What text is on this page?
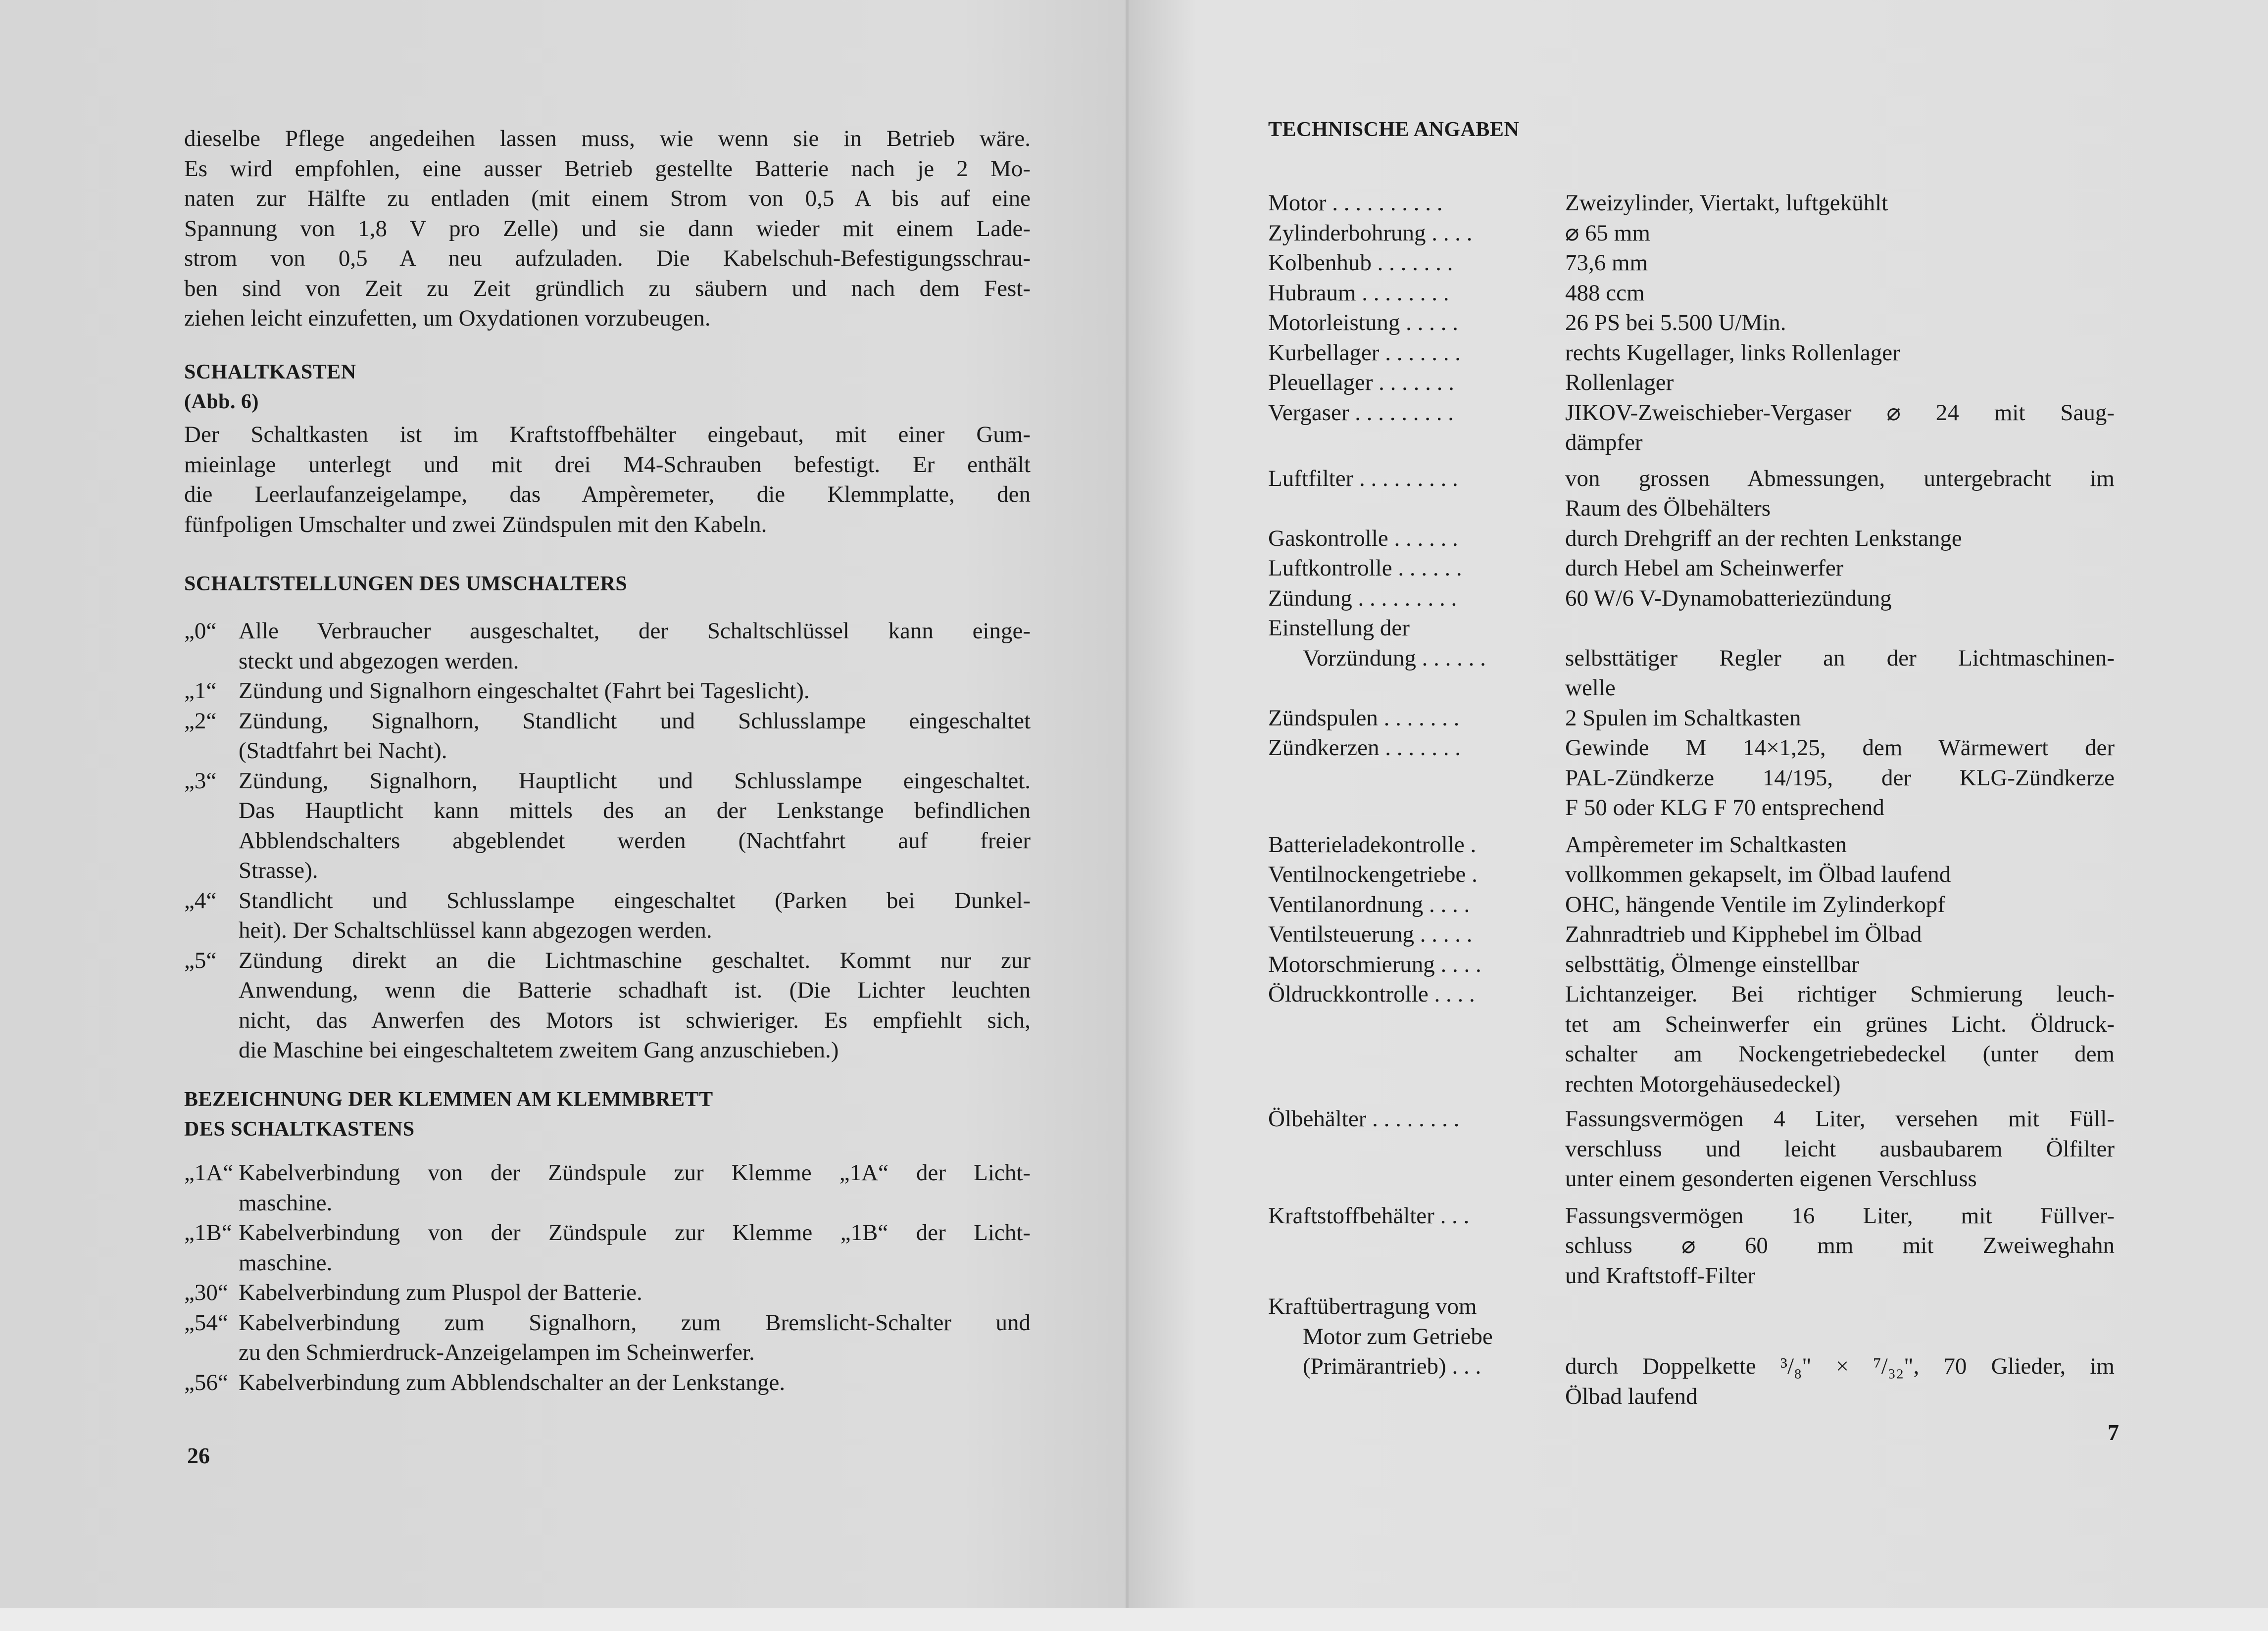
dieselbe Pflege angedeihen lassen muss, wie wenn sie in Betrieb wäre.
Es wird empfohlen, eine ausser Betrieb gestellte Batterie nach je 2 Mo-
naten zur Hälfte zu entladen (mit einem Strom von 0,5 A bis auf eine
Spannung von 1,8 V pro Zelle) und sie dann wieder mit einem Lade-
strom von 0,5 A neu aufzuladen. Die Kabelschuh-Befestigungsschrau-
ben sind von Zeit zu Zeit gründlich zu säubern und nach dem Fest-
ziehen leicht einzufetten, um Oxydationen vorzubeugen.
SCHALTKASTEN
(Abb. 6)
Der Schaltkasten ist im Kraftstoffbehälter eingebaut, mit einer Gum-
mieinlage unterlegt und mit drei M4-Schrauben befestigt. Er enthält
die Leerlaufanzeigelampe, das Ampèremeter, die Klemmplatte, den
fünfpoligen Umschalter und zwei Zündspulen mit den Kabeln.
SCHALTSTELLUNGEN DES UMSCHALTERS
„0“ Alle Verbraucher ausgeschaltet, der Schaltschlüssel kann einge-
steckt und abgezogen werden.
„1“ Zündung und Signalhorn eingeschaltet (Fahrt bei Tageslicht).
„2“ Zündung, Signalhorn, Standlicht und Schlusslampe eingeschaltet
(Stadtfahrt bei Nacht).
„3“ Zündung, Signalhorn, Hauptlicht und Schlusslampe eingeschaltet.
Das Hauptlicht kann mittels des an der Lenkstange befindlichen
Abblendschalters abgeblendet werden (Nachtfahrt auf freier
Strasse).
„4“ Standlicht und Schlusslampe eingeschaltet (Parken bei Dunkel-
heit). Der Schaltschlüssel kann abgezogen werden.
„5“ Zündung direkt an die Lichtmaschine geschaltet. Kommt nur zur
Anwendung, wenn die Batterie schadhaft ist. (Die Lichter leuchten
nicht, das Anwerfen des Motors ist schwieriger. Es empfiehlt sich,
die Maschine bei eingeschaltetem zweitem Gang anzuschieben.)
BEZEICHNUNG DER KLEMMEN AM KLEMMBRETT
DES SCHALTKASTENS
„1A“ Kabelverbindung von der Zündspule zur Klemme „1A“ der Licht-
maschine.
„1B“ Kabelverbindung von der Zündspule zur Klemme „1B“ der Licht-
maschine.
„30“ Kabelverbindung zum Pluspol der Batterie.
„54“ Kabelverbindung zum Signalhorn, zum Bremslicht-Schalter und
zu den Schmierdruck-Anzeigelampen im Scheinwerfer.
„56“ Kabelverbindung zum Abblendschalter an der Lenkstange.
26
TECHNISCHE ANGABEN
Motor . . . . . . . . . .	Zweizylinder, Viertakt, luftgekühlt
Zylinderbohrung . . . .	⌀ 65 mm
Kolbenhub . . . . . . .	73,6 mm
Hubraum . . . . . . . .	488 ccm
Motorleistung . . . . .	26 PS bei 5.500 U/Min.
Kurbellager . . . . . . .	rechts Kugellager, links Rollenlager
Pleuellager . . . . . . .	Rollenlager
Vergaser . . . . . . . . .	JIKOV-Zweischieber-Vergaser ⌀ 24 mit Saug-
dämpfer
Luftfilter . . . . . . . . .	von grossen Abmessungen, untergebracht im
Raum des Ölbehälters
Gaskontrolle . . . . . .	durch Drehgriff an der rechten Lenkstange
Luftkontrolle . . . . . .	durch Hebel am Scheinwerfer
Zündung . . . . . . . . .	60 W/6 V-Dynamobatteriezündung
Einstellung der
Vorzündung . . . . . .	selbsttätiger Regler an der Lichtmaschinen-
welle
Zündspulen . . . . . . .	2 Spulen im Schaltkasten
Zündkerzen . . . . . . .	Gewinde M 14×1,25, dem Wärmewert der
PAL-Zündkerze 14/195, der KLG-Zündkerze
F 50 oder KLG F 70 entsprechend
Batterieladekontrolle .	Ampèremeter im Schaltkasten
Ventilnockengetriebe .	vollkommen gekapselt, im Ölbad laufend
Ventilanordnung . . . .	OHC, hängende Ventile im Zylinderkopf
Ventilsteuerung . . . . .	Zahnradtrieb und Kipphebel im Ölbad
Motorschmierung . . . .	selbsttätig, Ölmenge einstellbar
Öldruckkontrolle . . . .	Lichtanzeiger. Bei richtiger Schmierung leuch-
tet am Scheinwerfer ein grünes Licht. Öldruck-
schalter am Nockengetriebedeckel (unter dem
rechten Motorgehäusedeckel)
Ölbehälter . . . . . . . .	Fassungsvermögen 4 Liter, versehen mit Füll-
verschluss und leicht ausbaubarem Ölfilter
unter einem gesonderten eigenen Verschluss
Kraftstoffbehälter . . .	Fassungsvermögen 16 Liter, mit Füllver-
schluss ⌀ 60 mm mit Zweiweghahn
und Kraftstoff-Filter
Kraftübertragung vom
Motor zum Getriebe
(Primärantrieb) . . .	durch Doppelkette ³/₈" × ⁷/₃₂", 70 Glieder, im
Ölbad laufend
7
